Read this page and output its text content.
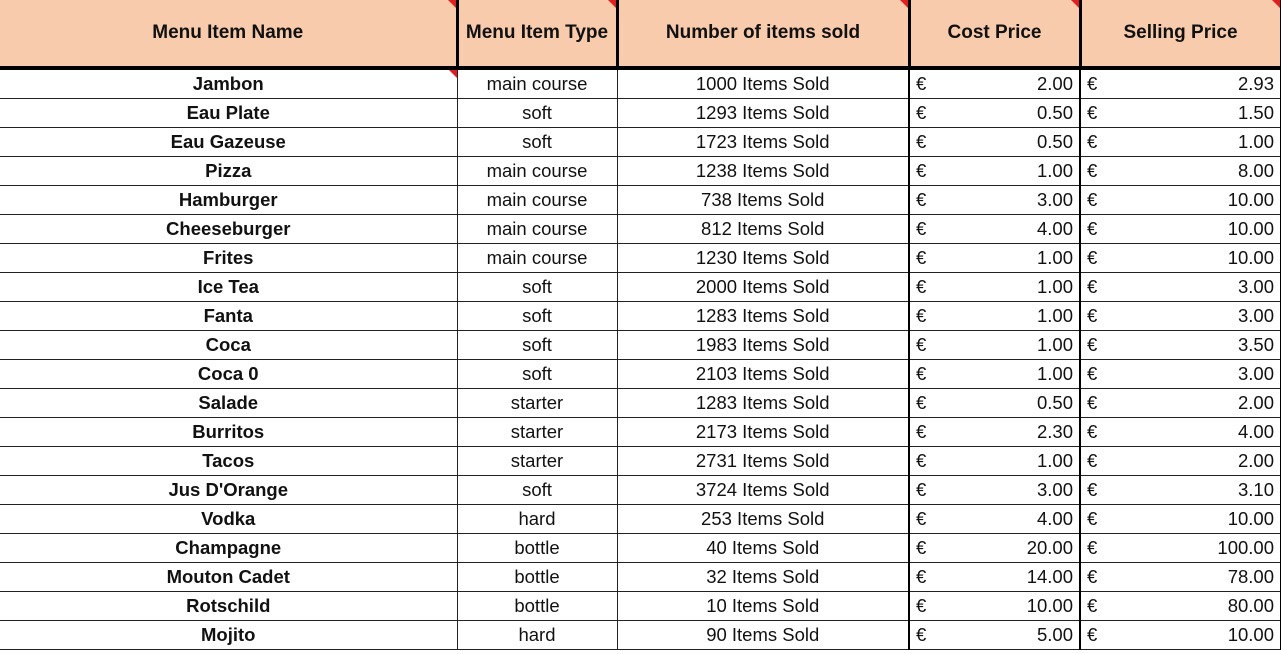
Menu Item Name	Menu Item Type	Number of items sold	Cost Price	Selling Price

Jambon	main course	1000 Items Sold	€ 2.00	€ 2.93

Eau Plate	soft	1293 Items Sold	€ 0.50	€ 1.50

Eau Gazeuse	soft	1723 Items Sold	€ 0.50	€ 1.00

Pizza	main course	1238 Items Sold	€ 1.00	€ 8.00

Hamburger	main course	738 Items Sold	€ 3.00	€ 10.00

Cheeseburger	main course	812 Items Sold	€ 4.00	€ 10.00

Frites	main course	1230 Items Sold	€ 1.00	€ 10.00

Ice Tea	soft	2000 Items Sold	€ 1.00	€ 3.00

Fanta	soft	1283 Items Sold	€ 1.00	€ 3.00

Coca	soft	1983 Items Sold	€ 1.00	€ 3.50

Coca 0	soft	2103 Items Sold	€ 1.00	€ 3.00

Salade	starter	1283 Items Sold	€ 0.50	€ 2.00

Burritos	starter	2173 Items Sold	€ 2.30	€ 4.00

Tacos	starter	2731 Items Sold	€ 1.00	€ 2.00

Jus D'Orange	soft	3724 Items Sold	€ 3.00	€ 3.10

Vodka	hard	253 Items Sold	€ 4.00	€ 10.00

Champagne	bottle	40 Items Sold	€ 20.00	€ 100.00

Mouton Cadet	bottle	32 Items Sold	€ 14.00	€ 78.00

Rotschild	bottle	10 Items Sold	€ 10.00	€ 80.00

Mojito	hard	90 Items Sold	€ 5.00	€ 10.00
